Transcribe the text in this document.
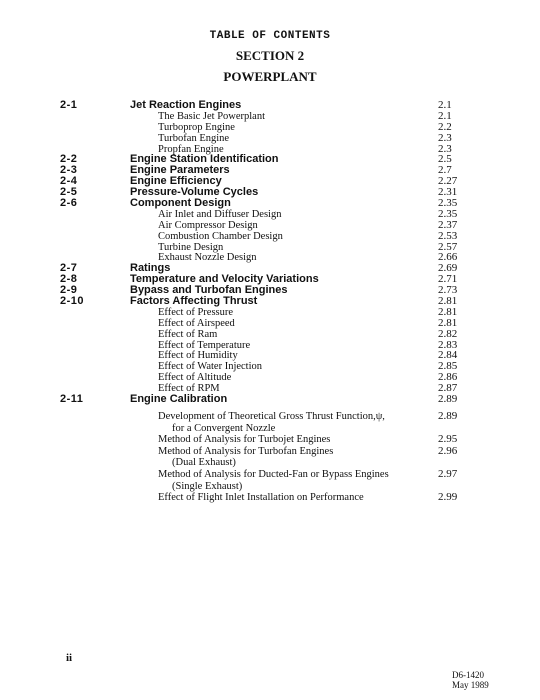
TABLE OF CONTENTS
SECTION 2
POWERPLANT
2-1	Jet Reaction Engines	2.1
The Basic Jet Powerplant	2.1
Turboprop Engine	2.2
Turbofan Engine	2.3
Propfan Engine	2.3
2-2	Engine Station Identification	2.5
2-3	Engine Parameters	2.7
2-4	Engine Efficiency	2.27
2-5	Pressure-Volume Cycles	2.31
2-6	Component Design	2.35
Air Inlet and Diffuser Design	2.35
Air Compressor Design	2.37
Combustion Chamber Design	2.53
Turbine Design	2.57
Exhaust Nozzle Design	2.66
2-7	Ratings	2.69
2-8	Temperature and Velocity Variations	2.71
2-9	Bypass and Turbofan Engines	2.73
2-10	Factors Affecting Thrust	2.81
Effect of Pressure	2.81
Effect of Airspeed	2.81
Effect of Ram	2.82
Effect of Temperature	2.83
Effect of Humidity	2.84
Effect of Water Injection	2.85
Effect of Altitude	2.86
Effect of RPM	2.87
2-11	Engine Calibration	2.89
Development of Theoretical Gross Thrust Function,ψ,	2.89
for a Convergent Nozzle
Method of Analysis for Turbojet Engines	2.95
Method of Analysis for Turbofan Engines	2.96
(Dual Exhaust)
Method of Analysis for Ducted-Fan or Bypass Engines	2.97
(Single Exhaust)
Effect of Flight Inlet Installation on Performance	2.99
ii
D6-1420
May 1989
